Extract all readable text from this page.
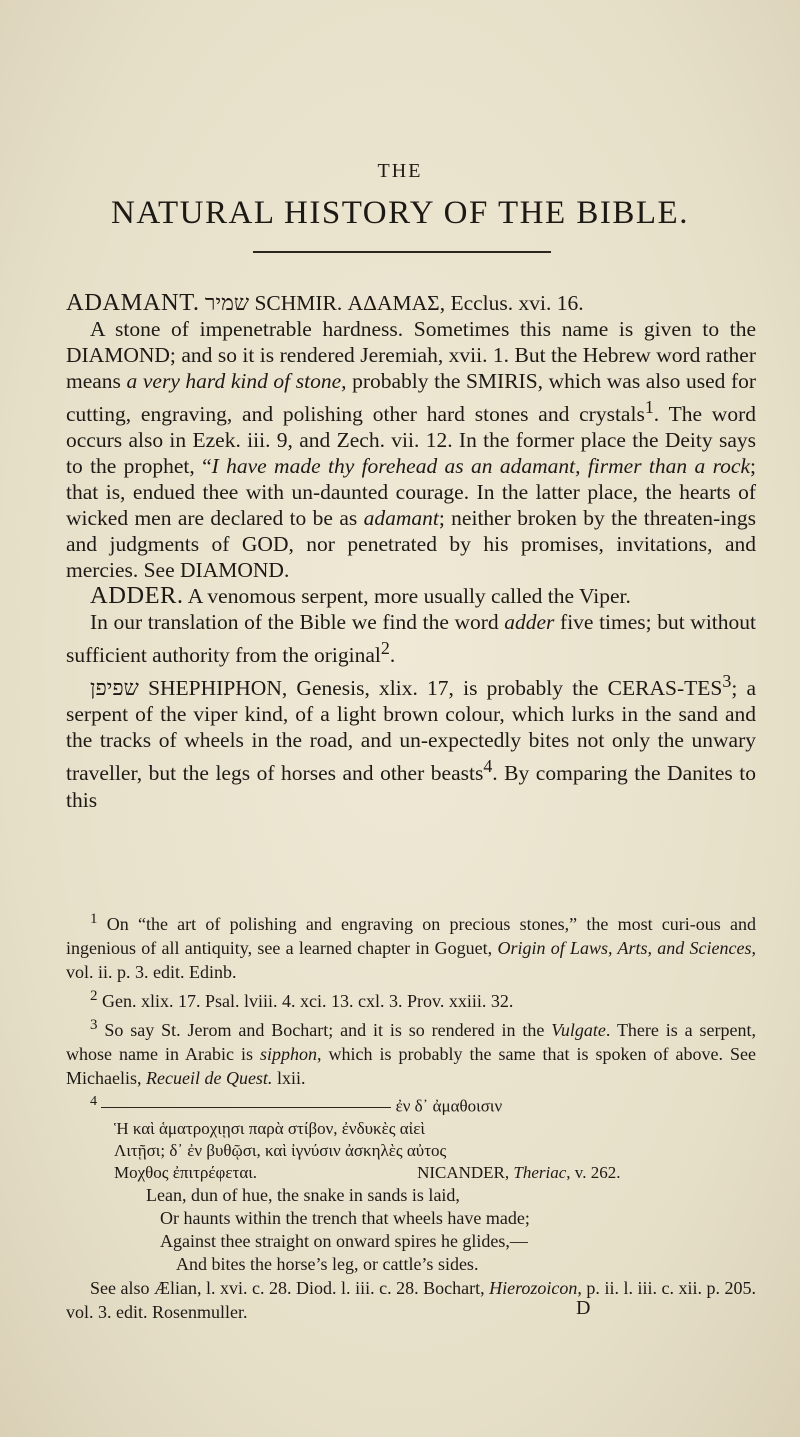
THE
NATURAL HISTORY OF THE BIBLE.

ADAMANT. שמיר SCHMIR. ΑΔΑΜΑΣ, Ecclus. xvi. 16.

A stone of impenetrable hardness. Sometimes this name is given to the DIAMOND; and so it is rendered Jeremiah, xvii. 1. But the Hebrew word rather means a very hard kind of stone, probably the SMIRIS, which was also used for cutting, engraving, and polishing other hard stones and crystals$^1$. The word occurs also in Ezek. iii. 9, and Zech. vii. 12. In the former place the Deity says to the prophet, “I have made thy forehead as an adamant, firmer than a rock; that is, endued thee with un-daunted courage. In the latter place, the hearts of wicked men are declared to be as adamant; neither broken by the threaten-ings and judgments of GOD, nor penetrated by his promises, invitations, and mercies. See DIAMOND.

ADDER. A venomous serpent, more usually called the Viper.

In our translation of the Bible we find the word adder five times; but without sufficient authority from the original$^2$.

שפיפן SHEPHIPHON, Genesis, xlix. 17, is probably the CERAS-TES$^3$; a serpent of the viper kind, of a light brown colour, which lurks in the sand and the tracks of wheels in the road, and un-expectedly bites not only the unwary traveller, but the legs of horses and other beasts$^4$. By comparing the Danites to this

$^1$ On “the art of polishing and engraving on precious stones,” the most curi-ous and ingenious of all antiquity, see a learned chapter in Goguet, Origin of Laws, Arts, and Sciences, vol. ii. p. 3. edit. Edinb.

$^2$ Gen. xlix. 17. Psal. lviii. 4. xci. 13. cxl. 3. Prov. xxiii. 32.

$^3$ So say St. Jerom and Bochart; and it is so rendered in the Vulgate. There is a serpent, whose name in Arabic is sipphon, which is probably the same that is spoken of above. See Michaelis, Recueil de Quest. lxii.

$^4$	ἐν δ᾽ ἀμαθοισιν
Ἡ καὶ ἁματροχιῃσι παρὰ στίβον, ἐνδυκὲς αἰεὶ
Λιτῇσι; δ᾽ ἐν βυθῷσι, καὶ ἰγνύσιν ἀσκηλὲς αὐτος
Μοχθος ἐπιτρέφεται.	NICANDER, Theriac, v. 262.
Lean, dun of hue, the snake in sands is laid,
Or haunts within the trench that wheels have made;
Against thee straight on onward spires he glides,—
And bites the horse’s leg, or cattle’s sides.

See also Ælian, l. xvi. c. 28. Diod. l. iii. c. 28. Bochart, Hierozoicon, p. ii. l. iii. c. xii. p. 205. vol. 3. edit. Rosenmuller.	D
